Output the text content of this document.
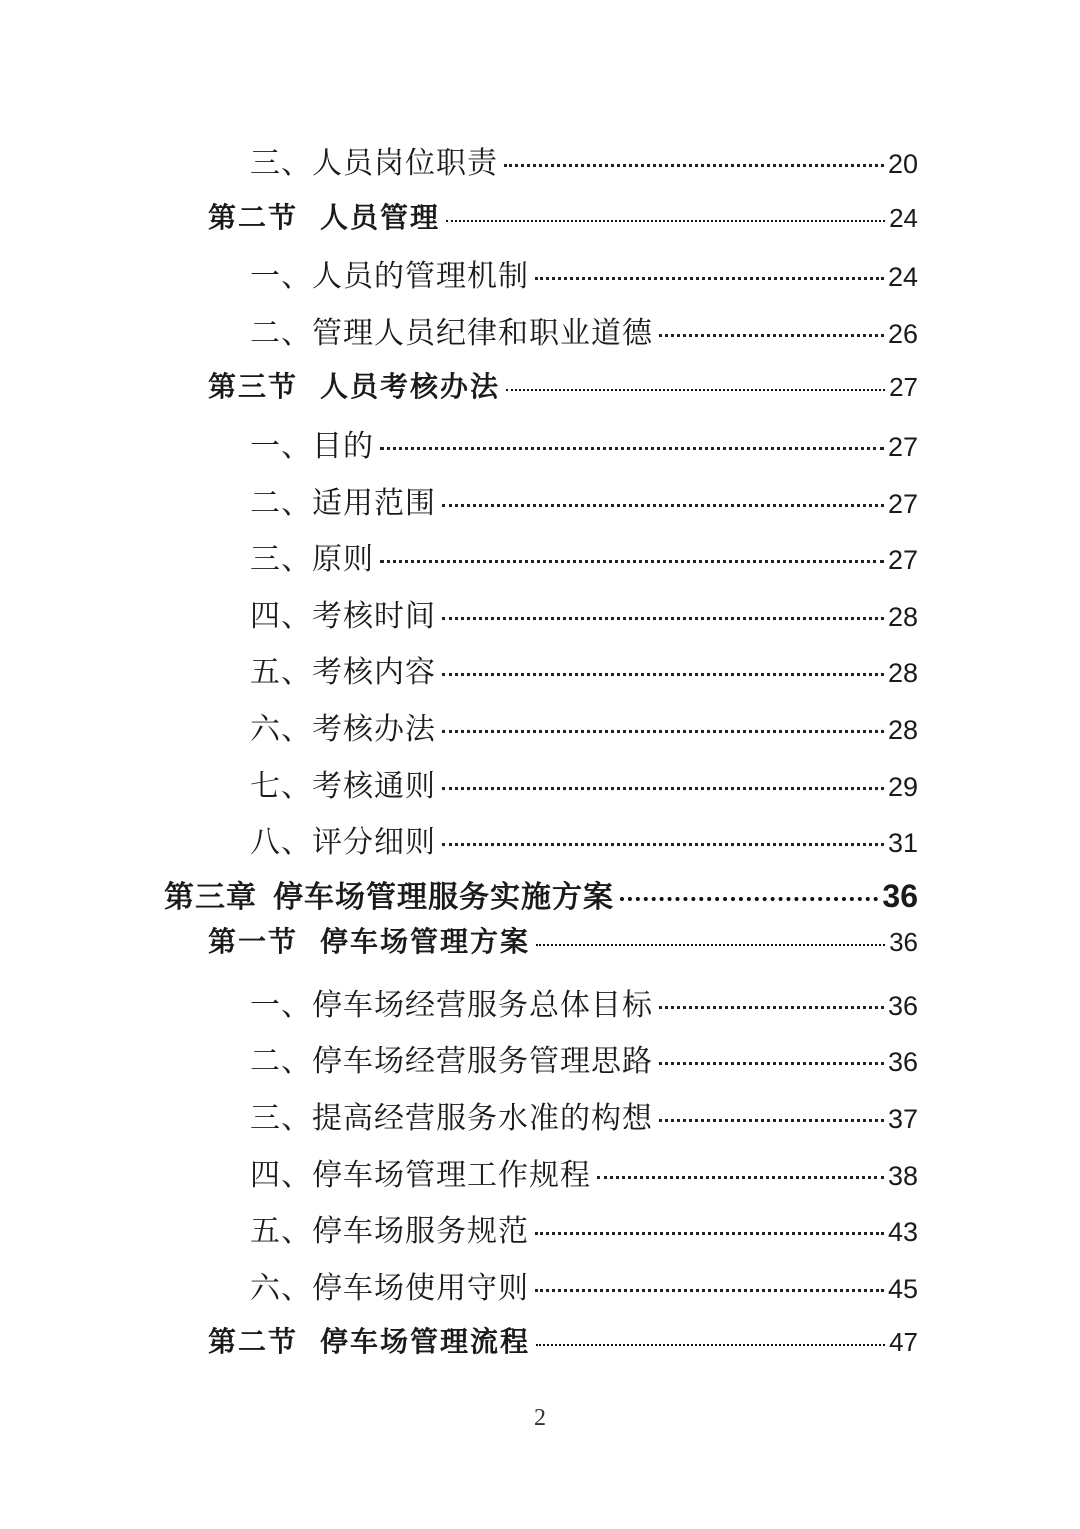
三、 人员岗位职责	20
第二节 人员管理	24
一、 人员的管理机制	24
二、 管理人员纪律和职业道德	26
第三节 人员考核办法	27
一、 目的	27
二、 适用范围	27
三、 原则	27
四、 考核时间	28
五、 考核内容	28
六、 考核办法	28
七、 考核通则	29
八、 评分细则	31
第三章 停车场管理服务实施方案	36
第一节 停车场管理方案	36
一、 停车场经营服务总体目标	36
二、 停车场经营服务管理思路	36
三、 提高经营服务水准的构想	37
四、 停车场管理工作规程	38
五、 停车场服务规范	43
六、 停车场使用守则	45
第二节 停车场管理流程	47
2
